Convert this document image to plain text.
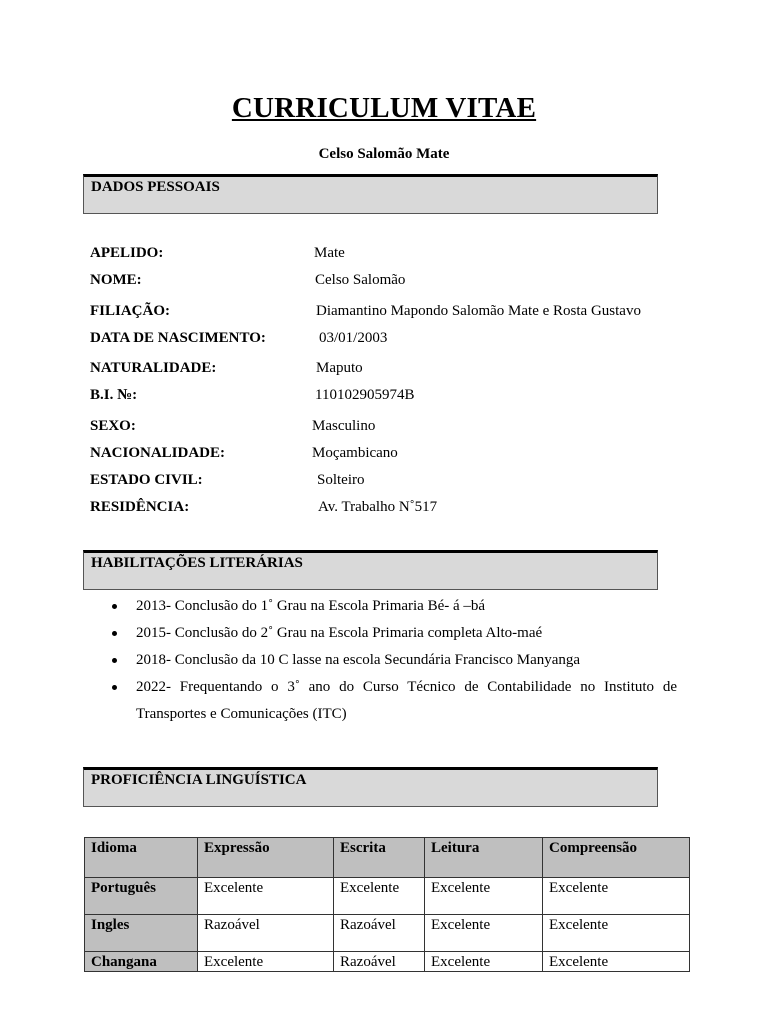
CURRICULUM VITAE
Celso Salomão Mate
DADOS PESSOAIS
APELIDO:	Mate
NOME:	Celso Salomão
FILIAÇÃO:	Diamantino Mapondo Salomão Mate e Rosta Gustavo
DATA DE NASCIMENTO:	03/01/2003
NATURALIDADE:	Maputo
B.I. №:	110102905974B
SEXO:	Masculino
NACIONALIDADE:	Moçambicano
ESTADO CIVIL:	Solteiro
RESIDÊNCIA:	Av. Trabalho N˚517
HABILITAÇÕES LITERÁRIAS
2013- Conclusão do 1˚ Grau na Escola Primaria Bé- á –bá
2015- Conclusão do 2˚ Grau na Escola Primaria completa Alto-maé
2018- Conclusão da 10 C lasse na escola Secundária Francisco Manyanga
2022- Frequentando o 3˚ ano do Curso Técnico de Contabilidade no Instituto de
Transportes e Comunicações (ITC)
PROFICIÊNCIA LINGUÍSTICA
Idioma	Expressão	Escrita	Leitura	Compreensão
Português	Excelente	Excelente	Excelente	Excelente
Ingles	Razoável	Razoável	Excelente	Excelente
Changana	Excelente	Razoável	Excelente	Excelente
